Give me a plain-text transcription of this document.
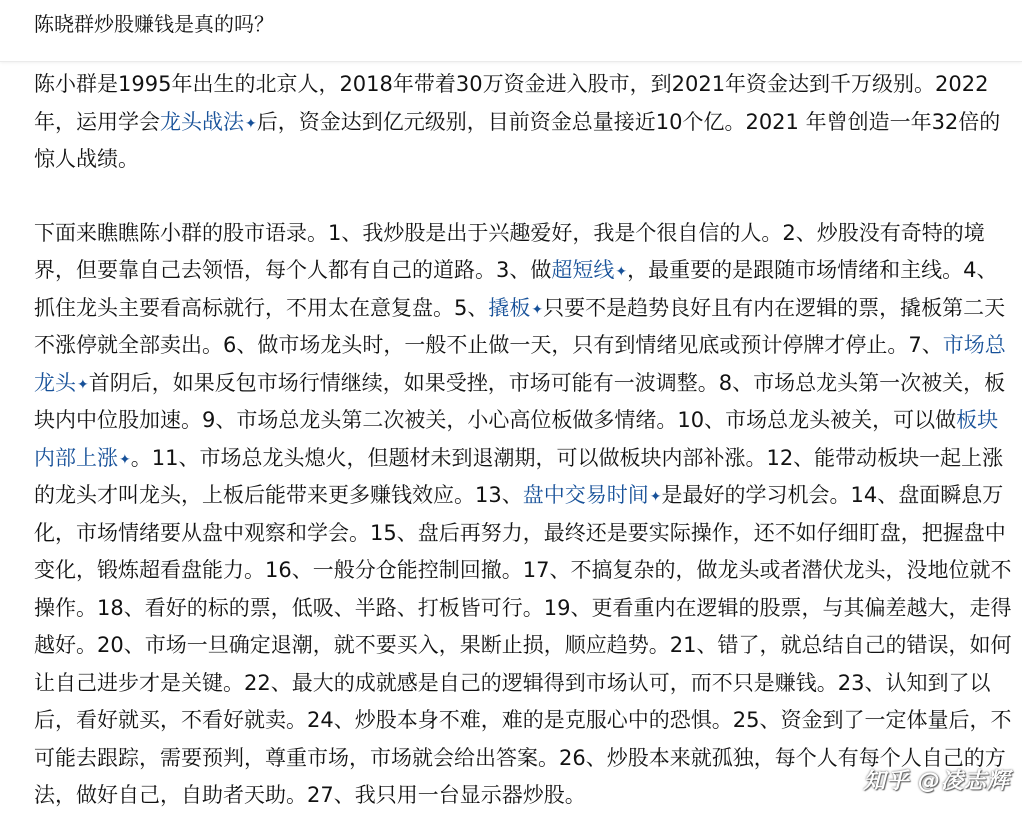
陈晓群炒股赚钱是真的吗？

陈小群是1995年出生的北京人，2018年带着30万资金进入股市，到2021年资金达到千万级别。2022年，运用学会龙头战法✦后，资金达到亿元级别，目前资金总量接近10个亿。2021 年曾创造一年32倍的惊人战绩。

下面来瞧瞧陈小群的股市语录。1、我炒股是出于兴趣爱好，我是个很自信的人。2、炒股没有奇特的境界，但要靠自己去领悟，每个人都有自己的道路。3、做超短线✦，最重要的是跟随市场情绪和主线。4、抓住龙头主要看高标就行，不用太在意复盘。5、撬板✦只要不是趋势良好且有内在逻辑的票，撬板第二天不涨停就全部卖出。6、做市场龙头时，一般不止做一天，只有到情绪见底或预计停牌才停止。7、市场总龙头✦首阴后，如果反包市场行情继续，如果受挫，市场可能有一波调整。8、市场总龙头第一次被关，板块内中位股加速。9、市场总龙头第二次被关，小心高位板做多情绪。10、市场总龙头被关，可以做板块内部上涨✦。11、市场总龙头熄火，但题材未到退潮期，可以做板块内部补涨。12、能带动板块一起上涨的龙头才叫龙头，上板后能带来更多赚钱效应。13、盘中交易时间✦是最好的学习机会。14、盘面瞬息万化，市场情绪要从盘中观察和学会。15、盘后再努力，最终还是要实际操作，还不如仔细盯盘，把握盘中变化，锻炼超看盘能力。16、一般分仓能控制回撤。17、不搞复杂的，做龙头或者潜伏龙头，没地位就不操作。18、看好的标的票，低吸、半路、打板皆可行。19、更看重内在逻辑的股票，与其偏差越大，走得越好。20、市场一旦确定退潮，就不要买入，果断止损，顺应趋势。21、错了，就总结自己的错误，如何让自己进步才是关键。22、最大的成就感是自己的逻辑得到市场认可，而不只是赚钱。23、认知到了以后，看好就买，不看好就卖。24、炒股本身不难，难的是克服心中的恐惧。25、资金到了一定体量后，不可能去跟踪，需要预判，尊重市场，市场就会给出答案。26、炒股本来就孤独，每个人有每个人自己的方法，做好自己，自助者天助。27、我只用一台显示器炒股。

知乎 @凌志辉
